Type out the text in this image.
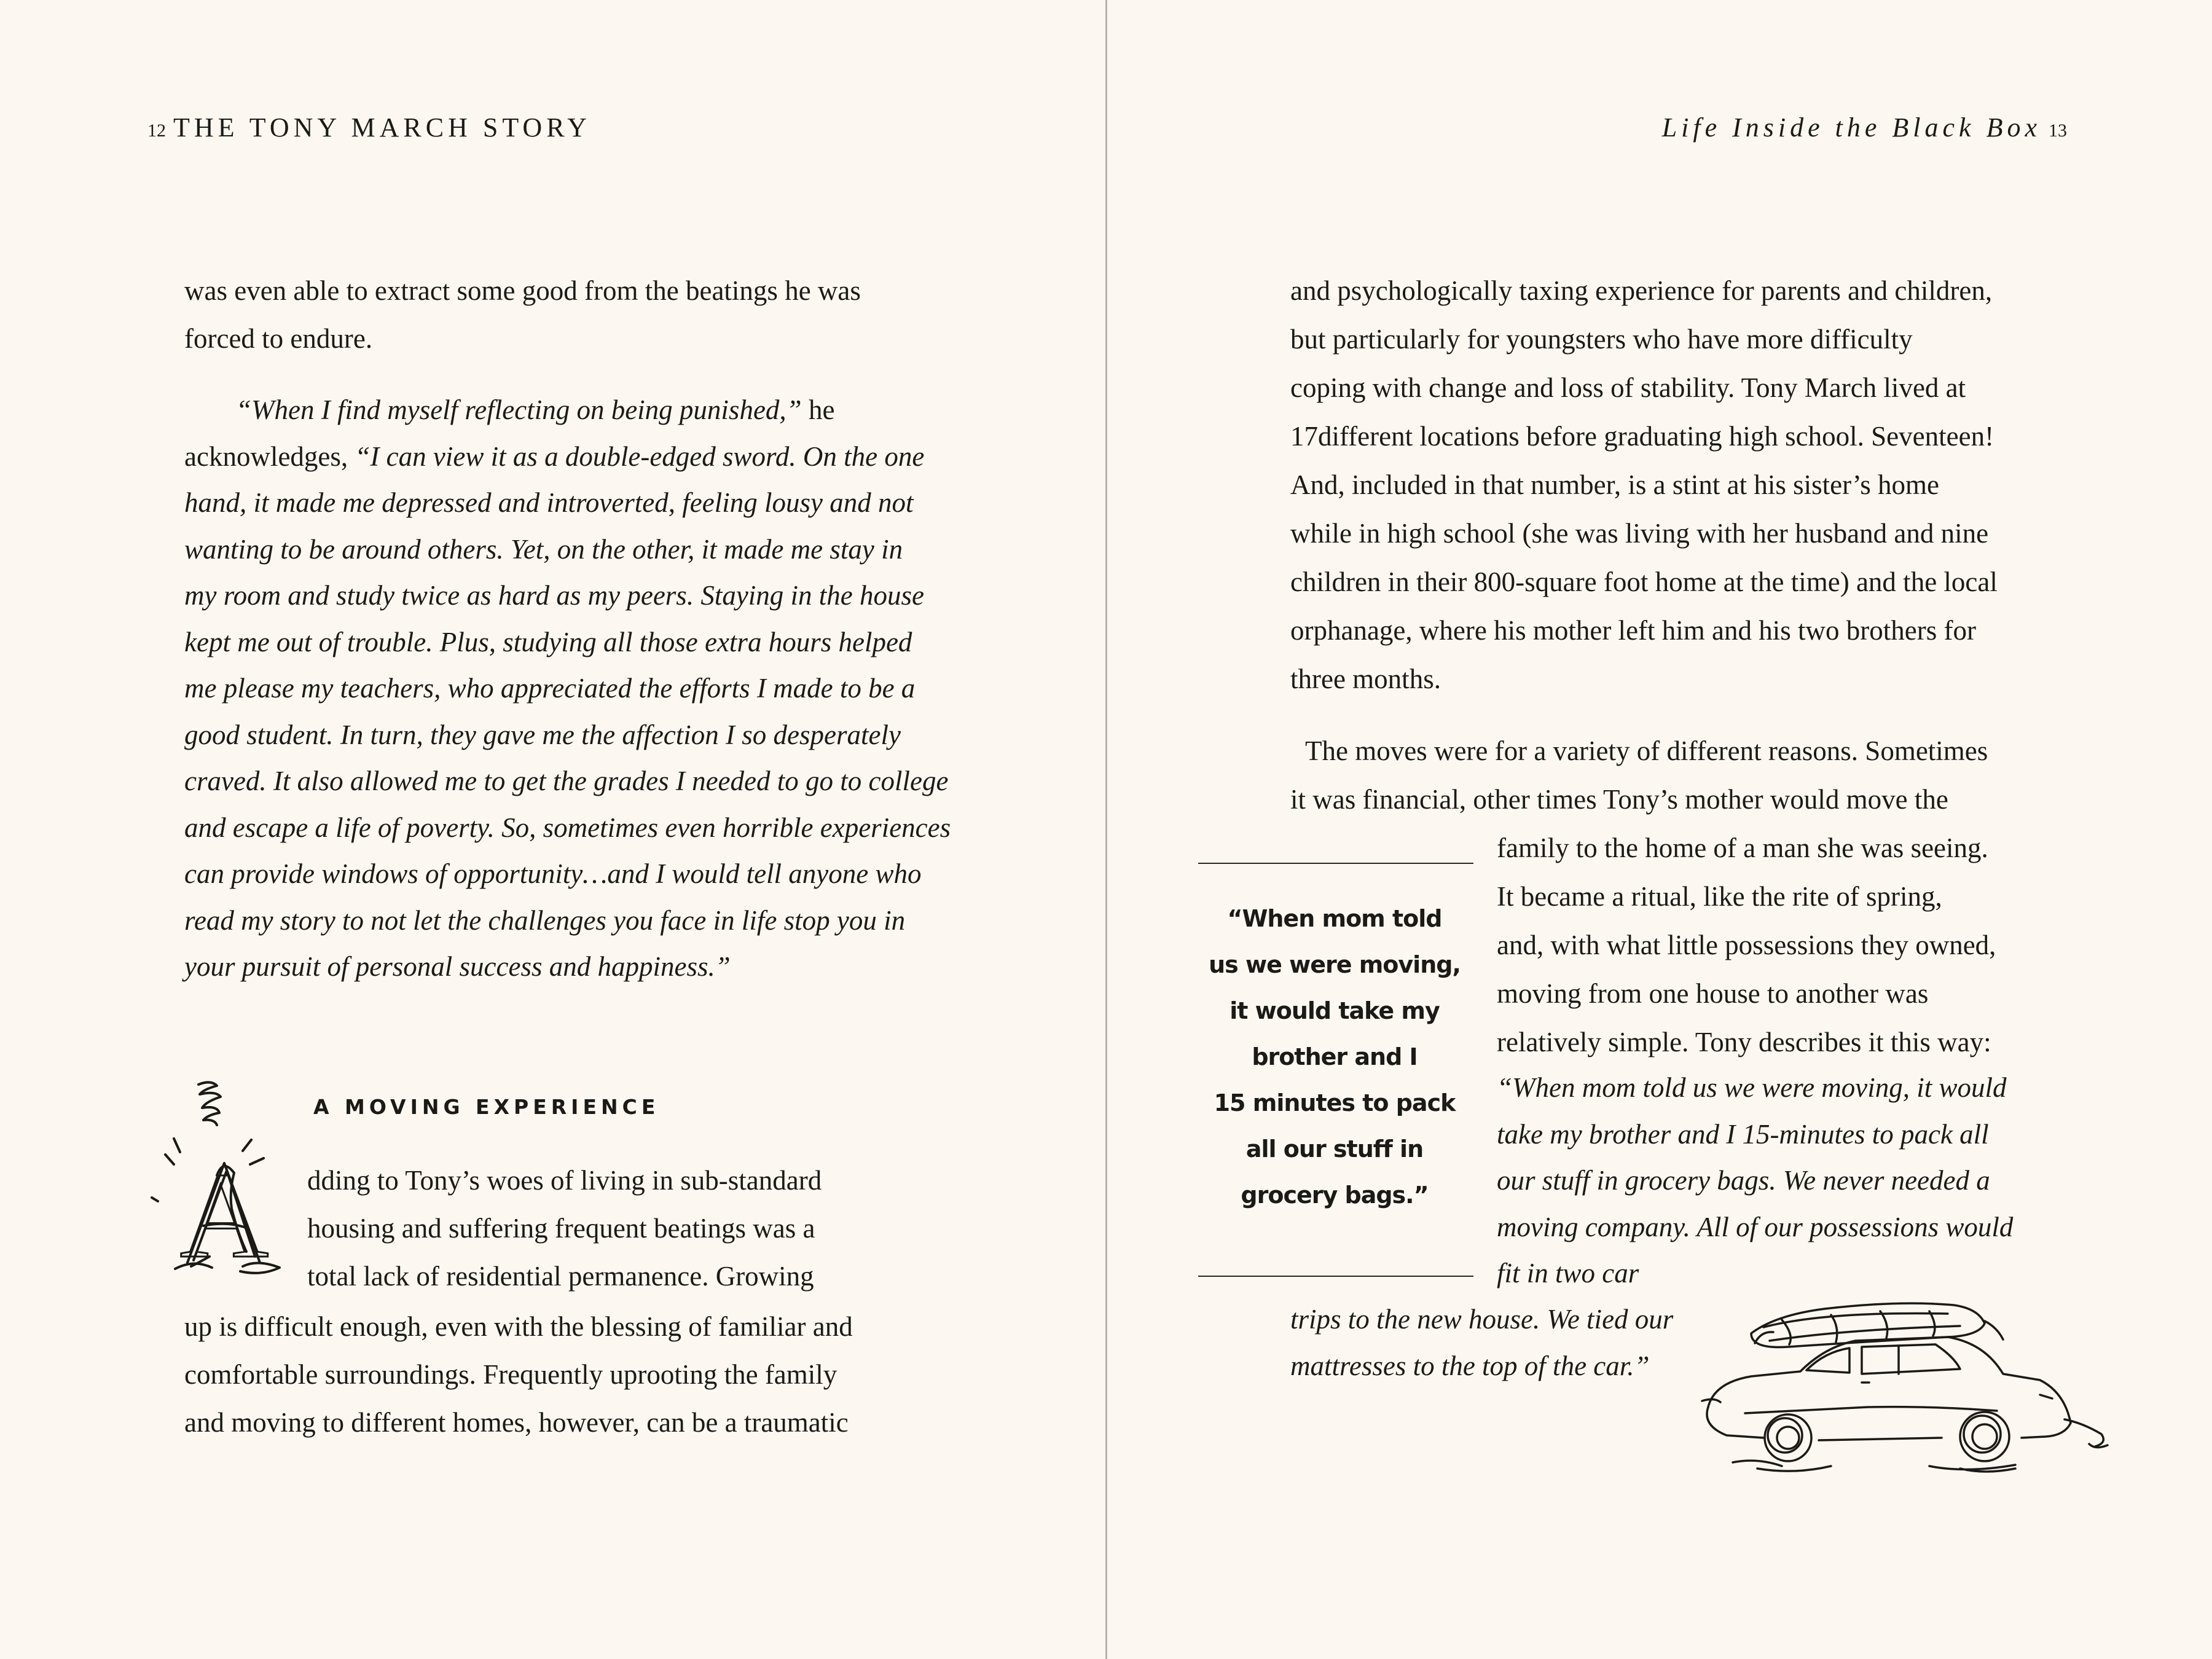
12 THE TONY MARCH STORY
was even able to extract some good from the beatings he was
forced to endure.
“When I find myself reflecting on being punished,” he
acknowledges, “I can view it as a double-edged sword. On the one
hand, it made me depressed and introverted, feeling lousy and not
wanting to be around others. Yet, on the other, it made me stay in
my room and study twice as hard as my peers. Staying in the house
kept me out of trouble. Plus, studying all those extra hours helped
me please my teachers, who appreciated the efforts I made to be a
good student. In turn, they gave me the affection I so desperately
craved. It also allowed me to get the grades I needed to go to college
and escape a life of poverty. So, sometimes even horrible experiences
can provide windows of opportunity…and I would tell anyone who
read my story to not let the challenges you face in life stop you in
your pursuit of personal success and happiness.”
A
A MOVING EXPERIENCE
dding to Tony’s woes of living in sub-standard
housing and suffering frequent beatings was a
total lack of residential permanence. Growing
up is difficult enough, even with the blessing of familiar and
comfortable surroundings. Frequently uprooting the family
and moving to different homes, however, can be a traumatic
Life Inside the Black Box 13
and psychologically taxing experience for parents and children,
but particularly for youngsters who have more difficulty
coping with change and loss of stability. Tony March lived at
17different locations before graduating high school. Seventeen!
And, included in that number, is a stint at his sister’s home
while in high school (she was living with her husband and nine
children in their 800-square foot home at the time) and the local
orphanage, where his mother left him and his two brothers for
three months.
The moves were for a variety of different reasons. Sometimes
it was financial, other times Tony’s mother would move the
family to the home of a man she was seeing.
It became a ritual, like the rite of spring,
and, with what little possessions they owned,
moving from one house to another was
relatively simple. Tony describes it this way:
“When mom told us we were moving, it would
take my brother and I 15-minutes to pack all
our stuff in grocery bags. We never needed a
moving company. All of our possessions would
fit in two car
trips to the new house. We tied our
mattresses to the top of the car.”
“When mom told
us we were moving,
it would take my
brother and I
15 minutes to pack
all our stuff in
grocery bags.”
